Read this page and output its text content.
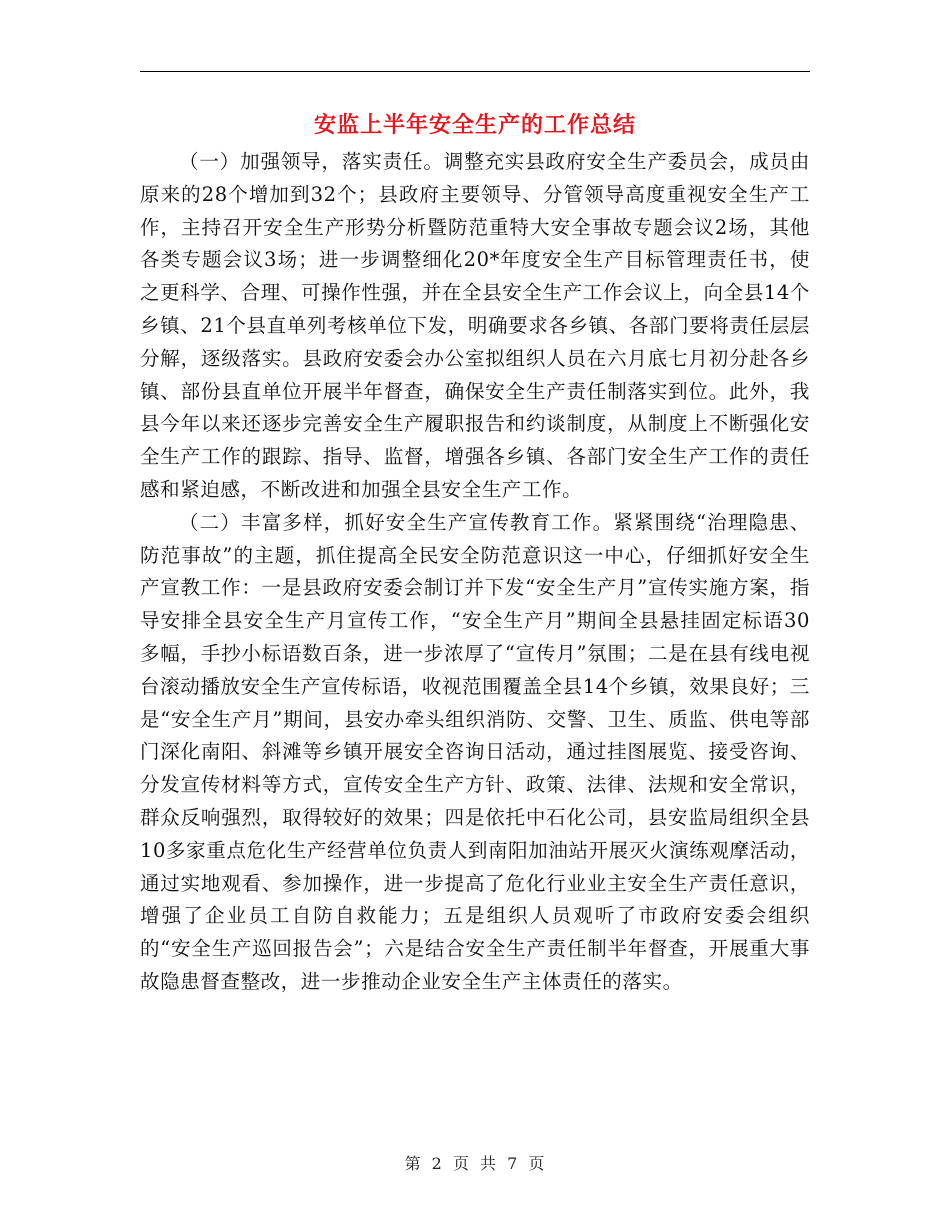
安监上半年安全生产的工作总结

（一）加强领导，落实责任。调整充实县政府安全生产委员会，成员由原来的28个增加到32个；县政府主要领导、分管领导高度重视安全生产工作，主持召开安全生产形势分析暨防范重特大安全事故专题会议2场，其他各类专题会议3场；进一步调整细化20*年度安全生产目标管理责任书，使之更科学、合理、可操作性强，并在全县安全生产工作会议上，向全县14个乡镇、21个县直单列考核单位下发，明确要求各乡镇、各部门要将责任层层分解，逐级落实。县政府安委会办公室拟组织人员在六月底七月初分赴各乡镇、部份县直单位开展半年督查，确保安全生产责任制落实到位。此外，我县今年以来还逐步完善安全生产履职报告和约谈制度，从制度上不断强化安全生产工作的跟踪、指导、监督，增强各乡镇、各部门安全生产工作的责任感和紧迫感，不断改进和加强全县安全生产工作。

（二）丰富多样，抓好安全生产宣传教育工作。紧紧围绕“治理隐患、防范事故”的主题，抓住提高全民安全防范意识这一中心，仔细抓好安全生产宣教工作：一是县政府安委会制订并下发“安全生产月”宣传实施方案，指导安排全县安全生产月宣传工作，“安全生产月”期间全县悬挂固定标语30多幅，手抄小标语数百条，进一步浓厚了“宣传月”氛围；二是在县有线电视台滚动播放安全生产宣传标语，收视范围覆盖全县14个乡镇，效果良好；三是“安全生产月”期间，县安办牵头组织消防、交警、卫生、质监、供电等部门深化南阳、斜滩等乡镇开展安全咨询日活动，通过挂图展览、接受咨询、分发宣传材料等方式，宣传安全生产方针、政策、法律、法规和安全常识，群众反响强烈，取得较好的效果；四是依托中石化公司，县安监局组织全县10多家重点危化生产经营单位负责人到南阳加油站开展灭火演练观摩活动，通过实地观看、参加操作，进一步提高了危化行业业主安全生产责任意识，增强了企业员工自防自救能力；五是组织人员观听了市政府安委会组织的“安全生产巡回报告会”；六是结合安全生产责任制半年督查，开展重大事故隐患督查整改，进一步推动企业安全生产主体责任的落实。

第 2 页 共 7 页
